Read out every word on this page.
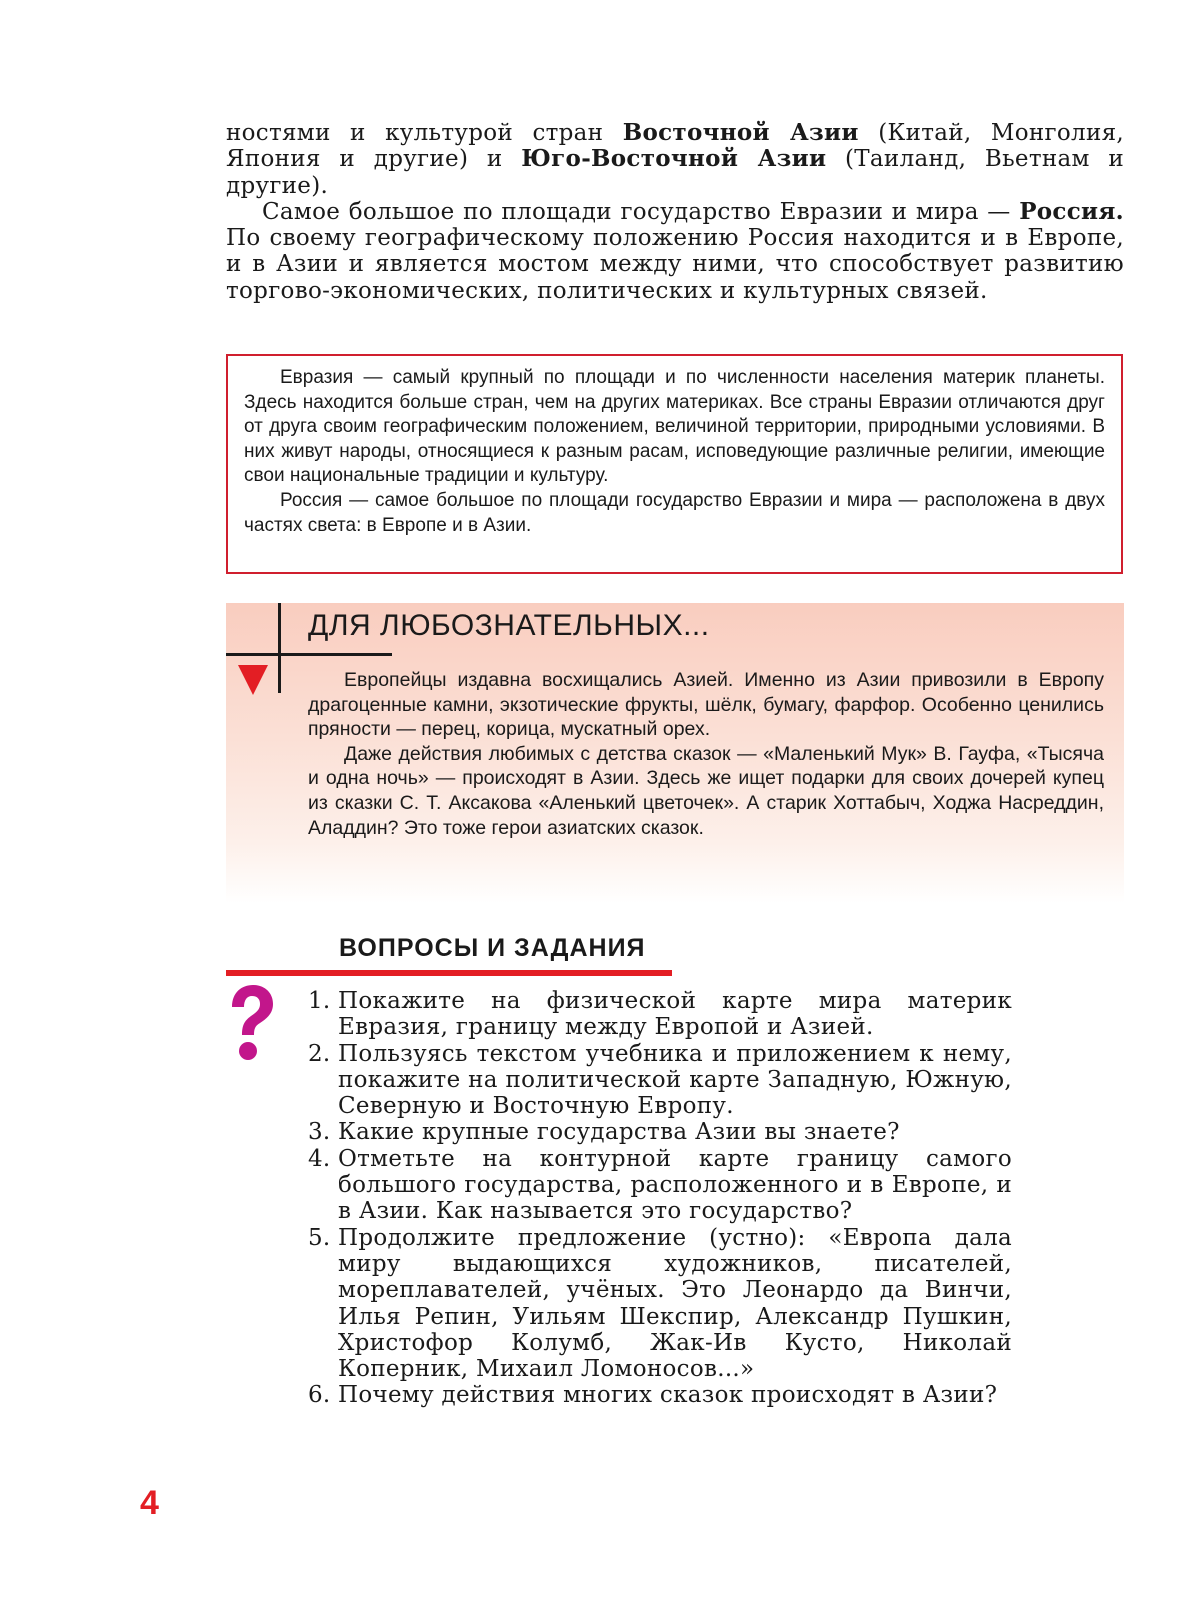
ностями и культурой стран Восточной Азии (Китай, Монголия, Япония и другие) и Юго-Восточной Азии (Таиланд, Вьетнам и другие).

Самое большое по площади государство Евразии и мира — Россия. По своему географическому положению Россия находится и в Европе, и в Азии и является мостом между ними, что способствует развитию торгово-экономических, политических и культурных связей.

Евразия — самый крупный по площади и по численности населения материк планеты. Здесь находится больше стран, чем на других материках. Все страны Евразии отличаются друг от друга своим географическим положением, величиной территории, природными условиями. В них живут народы, относящиеся к разным расам, исповедующие различные религии, имеющие свои национальные традиции и культуру.

Россия — самое большое по площади государство Евразии и мира — расположена в двух частях света: в Европе и в Азии.

ДЛЯ ЛЮБОЗНАТЕЛЬНЫХ...

Европейцы издавна восхищались Азией. Именно из Азии привозили в Европу драгоценные камни, экзотические фрукты, шёлк, бумагу, фарфор. Особенно ценились пряности — перец, корица, мускатный орех.

Даже действия любимых с детства сказок — «Маленький Мук» В. Гауфа, «Тысяча и одна ночь» — происходят в Азии. Здесь же ищет подарки для своих дочерей купец из сказки С. Т. Аксакова «Аленький цветочек». А старик Хоттабыч, Ходжа Насреддин, Аладдин? Это тоже герои азиатских сказок.

ВОПРОСЫ И ЗАДАНИЯ
1. Покажите на физической карте мира материк Евразия, границу между Европой и Азией.
2. Пользуясь текстом учебника и приложением к нему, покажите на политической карте Западную, Южную, Северную и Восточную Европу.
3. Какие крупные государства Азии вы знаете?
4. Отметьте на контурной карте границу самого большого государства, расположенного и в Европе, и в Азии. Как называется это государство?
5. Продолжите предложение (устно): «Европа дала миру выдающихся художников, писателей, мореплавателей, учёных. Это Леонардо да Винчи, Илья Репин, Уильям Шекспир, Александр Пушкин, Христофор Колумб, Жак-Ив Кусто, Николай Коперник, Михаил Ломоносов...»
6. Почему действия многих сказок происходят в Азии?
4
